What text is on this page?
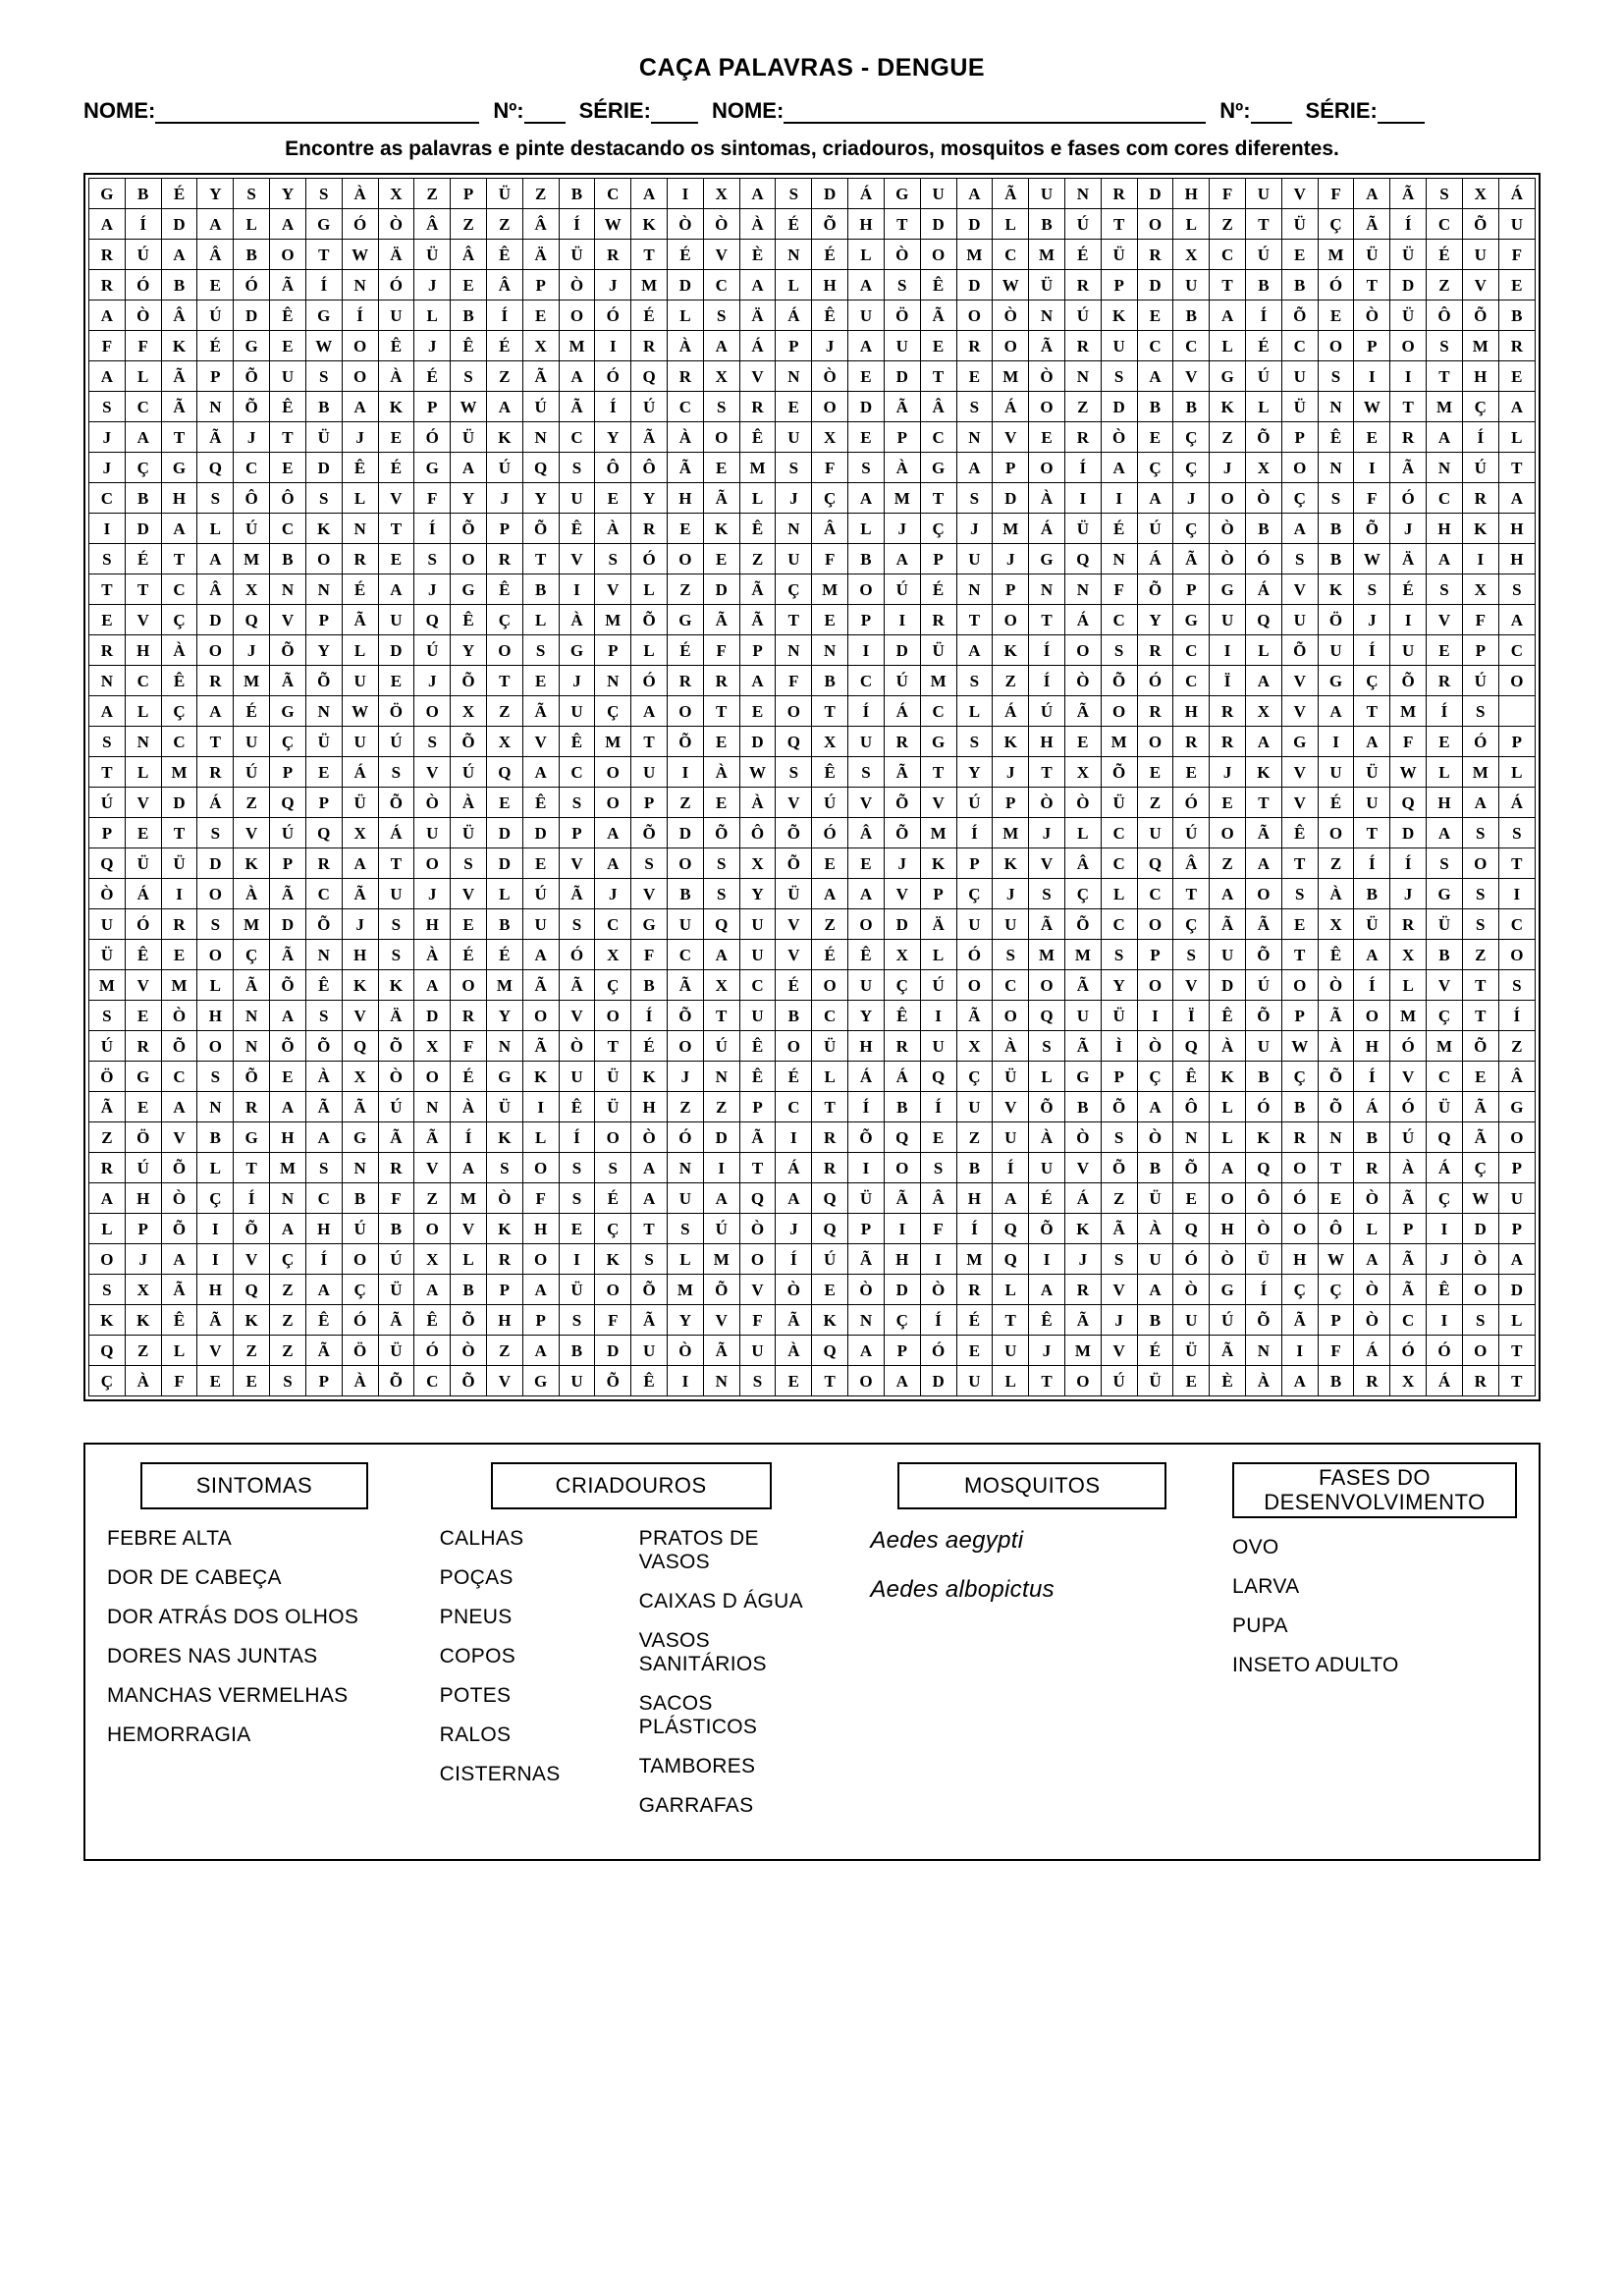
CAÇA PALAVRAS - DENGUE
NOME:	Nº:	SÉRIE:	NOME:	Nº:	SÉRIE:
Encontre as palavras e pinte destacando os sintomas, criadouros, mosquitos e fases com cores diferentes.
G	B	É	Y	S	Y	S	À	X	Z	P	Ü	Z	B	C	A	I	X	A	S	D	Á	G	U	A	Ã	U	N	R	D	H	F	U	V	F	A	Ã	S	X	Á
A	Í	D	A	L	A	G	Ó	Ò	Â	Z	Z	Â	Í	W	K	Ò	Ò	À	É	Õ	H	T	D	D	L	B	Ú	T	O	L	Z	T	Ü	Ç	Ã	Í	C	Õ	U
R	Ú	A	Â	B	O	T	W	Ä	Ü	Â	Ê	Ä	Ü	R	T	É	V	È	N	É	L	Ò	O	M	C	M	É	Ü	R	X	C	Ú	E	M	Ü	Ü	É	U	F
R	Ó	B	E	Ó	Ã	Í	N	Ó	J	E	Â	P	Ò	J	M	D	C	A	L	H	A	S	Ê	D	W	Ü	R	P	D	U	T	B	B	Ó	T	D	Z	V	E
A	Ò	Â	Ú	D	Ê	G	Í	U	L	B	Í	E	O	Ó	É	L	S	Ä	Á	Ê	U	Ö	Ã	O	Ò	N	Ú	K	E	B	A	Í	Õ	E	Ò	Ü	Ô	Õ	B
F	F	K	É	G	E	W	O	Ê	J	Ê	É	X	M	I	R	À	A	Á	P	J	A	U	E	R	O	Ã	R	U	C	C	L	É	C	O	P	O	S	M	R
A	L	Ã	P	Õ	U	S	O	À	É	S	Z	Ã	A	Ó	Q	R	X	V	N	Ò	E	D	T	E	M	Ò	N	S	A	V	G	Ú	U	S	I	I	T	H	E
S	C	Ã	N	Õ	Ê	B	A	K	P	W	A	Ú	Ã	Í	Ú	C	S	R	E	O	D	Ã	Â	S	Á	O	Z	D	B	B	K	L	Ü	N	W	T	M	Ç	A
J	A	T	Ã	J	T	Ü	J	E	Ó	Ü	K	N	C	Y	Ã	À	O	Ê	U	X	E	P	C	N	V	E	R	Ò	E	Ç	Z	Õ	P	Ê	E	R	A	Í	L
J	Ç	G	Q	C	E	D	Ê	É	G	A	Ú	Q	S	Ô	Ô	Ã	E	M	S	F	S	À	G	A	P	O	Í	A	Ç	Ç	J	X	O	N	I	Ã	N	Ú	T
C	B	H	S	Ô	Ô	S	L	V	F	Y	J	Y	U	E	Y	H	Ã	L	J	Ç	A	M	T	S	D	À	I	I	A	J	O	Ò	Ç	S	F	Ó	C	R	A
I	D	A	L	Ú	C	K	N	T	Í	Õ	P	Õ	Ê	À	R	E	K	Ê	N	Â	L	J	Ç	J	M	Á	Ü	É	Ú	Ç	Ò	B	A	B	Õ	J	H	K	H
S	É	T	A	M	B	O	R	E	S	O	R	T	V	S	Ó	O	E	Z	U	F	B	A	P	U	J	G	Q	N	Á	Ã	Ò	Ó	S	B	W	Ä	A	I	H
T	T	C	Â	X	N	N	É	A	J	G	Ê	B	I	V	L	Z	D	Ã	Ç	M	O	Ú	É	N	P	N	N	F	Õ	P	G	Á	V	K	S	É	S	X	S
E	V	Ç	D	Q	V	P	Ã	U	Q	Ê	Ç	L	À	M	Õ	G	Ã	Ã	T	E	P	I	R	T	O	T	Á	C	Y	G	U	Q	U	Ö	J	I	V	F	A
R	H	À	O	J	Õ	Y	L	D	Ú	Y	O	S	G	P	L	É	F	P	N	N	I	D	Ü	A	K	Í	O	S	R	C	I	L	Õ	U	Í	U	E	P	C
N	C	Ê	R	M	Ã	Õ	U	E	J	Õ	T	E	J	N	Ó	R	R	A	F	B	C	Ú	M	S	Z	Í	Ò	Õ	Ó	C	Ï	A	V	G	Ç	Õ	R	Ú	O
A	L	Ç	A	É	G	N	W	Ö	O	X	Z	Ã	U	Ç	A	O	T	E	O	T	Í	Á	C	L	Á	Ú	Ã	O	R	H	R	X	V	A	T	M	Í	S	
S	N	C	T	U	Ç	Ü	U	Ú	S	Õ	X	V	Ê	M	T	Õ	E	D	Q	X	U	R	G	S	K	H	E	M	O	R	R	A	G	I	A	F	E	Ó	P
T	L	M	R	Ú	P	E	Á	S	V	Ú	Q	A	C	O	U	I	À	W	S	Ê	S	Ã	T	Y	J	T	X	Õ	E	E	J	K	V	U	Ü	W	L	M	L
Ú	V	D	Á	Z	Q	P	Ü	Õ	Ò	À	E	Ê	S	O	P	Z	E	À	V	Ú	V	Õ	V	Ú	P	Ò	Ò	Ü	Z	Ó	E	T	V	É	U	Q	H	A	Á
P	E	T	S	V	Ú	Q	X	Á	U	Ü	D	D	P	A	Õ	D	Õ	Ô	Õ	Ó	Â	Õ	M	Í	M	J	L	C	U	Ú	O	Ã	Ê	O	T	D	A	S	S
Q	Ü	Ü	D	K	P	R	A	T	O	S	D	E	V	A	S	O	S	X	Õ	E	E	J	K	P	K	V	Â	C	Q	Â	Z	A	T	Z	Í	Í	S	O	T
Ò	Á	I	O	À	Ã	C	Ã	U	J	V	L	Ú	Ã	J	V	B	S	Y	Ü	A	A	V	P	Ç	J	S	Ç	L	C	T	A	O	S	À	B	J	G	S	I
U	Ó	R	S	M	D	Õ	J	S	H	E	B	U	S	C	G	U	Q	U	V	Z	O	D	Ä	U	U	Ã	Õ	C	O	Ç	Ã	Ã	E	X	Ü	R	Ü	S	C
Ü	Ê	E	O	Ç	Ã	N	H	S	À	É	É	A	Ó	X	F	C	A	U	V	É	Ê	X	L	Ó	S	M	M	S	P	S	U	Õ	T	Ê	A	X	B	Z	O
M	V	M	L	Ã	Õ	Ê	K	K	A	O	M	Ã	Ã	Ç	B	Ã	X	C	É	O	U	Ç	Ú	O	C	O	Ã	Y	O	V	D	Ú	O	Ò	Í	L	V	T	S
S	E	Ò	H	N	A	S	V	Ä	D	R	Y	O	V	O	Í	Õ	T	U	B	C	Y	Ê	I	Ã	O	Q	U	Ü	I	Ï	Ê	Õ	P	Ã	O	M	Ç	T	Í
Ú	R	Õ	O	N	Õ	Õ	Q	Õ	X	F	N	Ã	Ò	T	É	O	Ú	Ê	O	Ü	H	R	U	X	À	S	Ã	Ì	Ò	Q	À	U	W	À	H	Ó	M	Õ	Z
Ö	G	C	S	Õ	E	À	X	Ò	O	É	G	K	U	Ü	K	J	N	Ê	É	L	Á	Á	Q	Ç	Ü	L	G	P	Ç	Ê	K	B	Ç	Õ	Í	V	C	E	Â
Ã	E	A	N	R	A	Ã	Ã	Ú	N	À	Ü	I	Ê	Ü	H	Z	Z	P	C	T	Í	B	Í	U	V	Õ	B	Õ	A	Ô	L	Ó	B	Õ	Á	Ó	Ü	Ã	G
Z	Ö	V	B	G	H	A	G	Ã	Ã	Í	K	L	Í	O	Ò	Ó	D	Ã	I	R	Õ	Q	E	Z	U	À	Ò	S	Ò	N	L	K	R	N	B	Ú	Q	Ã	O
R	Ú	Õ	L	T	M	S	N	R	V	A	S	O	S	S	A	N	I	T	Á	R	I	O	S	B	Í	U	V	Õ	B	Õ	A	Q	O	T	R	À	Á	Ç	P
A	H	Ò	Ç	Í	N	C	B	F	Z	M	Ò	F	S	É	A	U	A	Q	A	Q	Ü	Ã	Â	H	A	É	Á	Z	Ü	E	O	Ô	Ó	E	Ò	Ã	Ç	W	U
L	P	Õ	I	Õ	A	H	Ú	B	O	V	K	H	E	Ç	T	S	Ú	Ò	J	Q	P	I	F	Í	Q	Õ	K	Ã	À	Q	H	Ò	O	Ô	L	P	I	D	P
O	J	A	I	V	Ç	Í	O	Ú	X	L	R	O	I	K	S	L	M	O	Í	Ú	Ã	H	I	M	Q	I	J	S	U	Ó	Ò	Ü	H	W	A	Ã	J	Ò	A
S	X	Ã	H	Q	Z	A	Ç	Ü	A	B	P	A	Ü	O	Õ	M	Õ	V	Ò	E	Ò	D	Ò	R	L	A	R	V	A	Ò	G	Í	Ç	Ç	Ò	Ã	Ê	O	D
K	K	Ê	Ã	K	Z	Ê	Ó	Ã	Ê	Õ	H	P	S	F	Ã	Y	V	F	Ã	K	N	Ç	Í	É	T	Ê	Ã	J	B	U	Ú	Õ	Ã	P	Ò	C	I	S	L
Q	Z	L	V	Z	Z	Ã	Ö	Ü	Ó	Ò	Z	A	B	D	U	Ò	Ã	U	À	Q	A	P	Ó	E	U	J	M	V	É	Ü	Ã	N	I	F	Á	Ó	Ó	O	T
Ç	À	F	E	E	S	P	À	Õ	C	Õ	V	G	U	Õ	Ê	I	N	S	E	T	O	A	D	U	L	T	O	Ú	Ü	E	È	À	A	B	R	X	Á	R	T
SINTOMAS
FEBRE ALTA
DOR DE CABEÇA
DOR ATRÁS DOS OLHOS
DORES NAS JUNTAS
MANCHAS VERMELHAS
HEMORRAGIA
CRIADOUROS
CALHAS
POÇAS
PNEUS
COPOS
POTES
RALOS
CISTERNAS
PRATOS DE VASOS
CAIXAS D ÁGUA
VASOS SANITÁRIOS
SACOS PLÁSTICOS
TAMBORES
GARRAFAS
MOSQUITOS
Aedes aegypti
Aedes albopictus
FASES DO
DESENVOLVIMENTO
OVO
LARVA
PUPA
INSETO ADULTO
